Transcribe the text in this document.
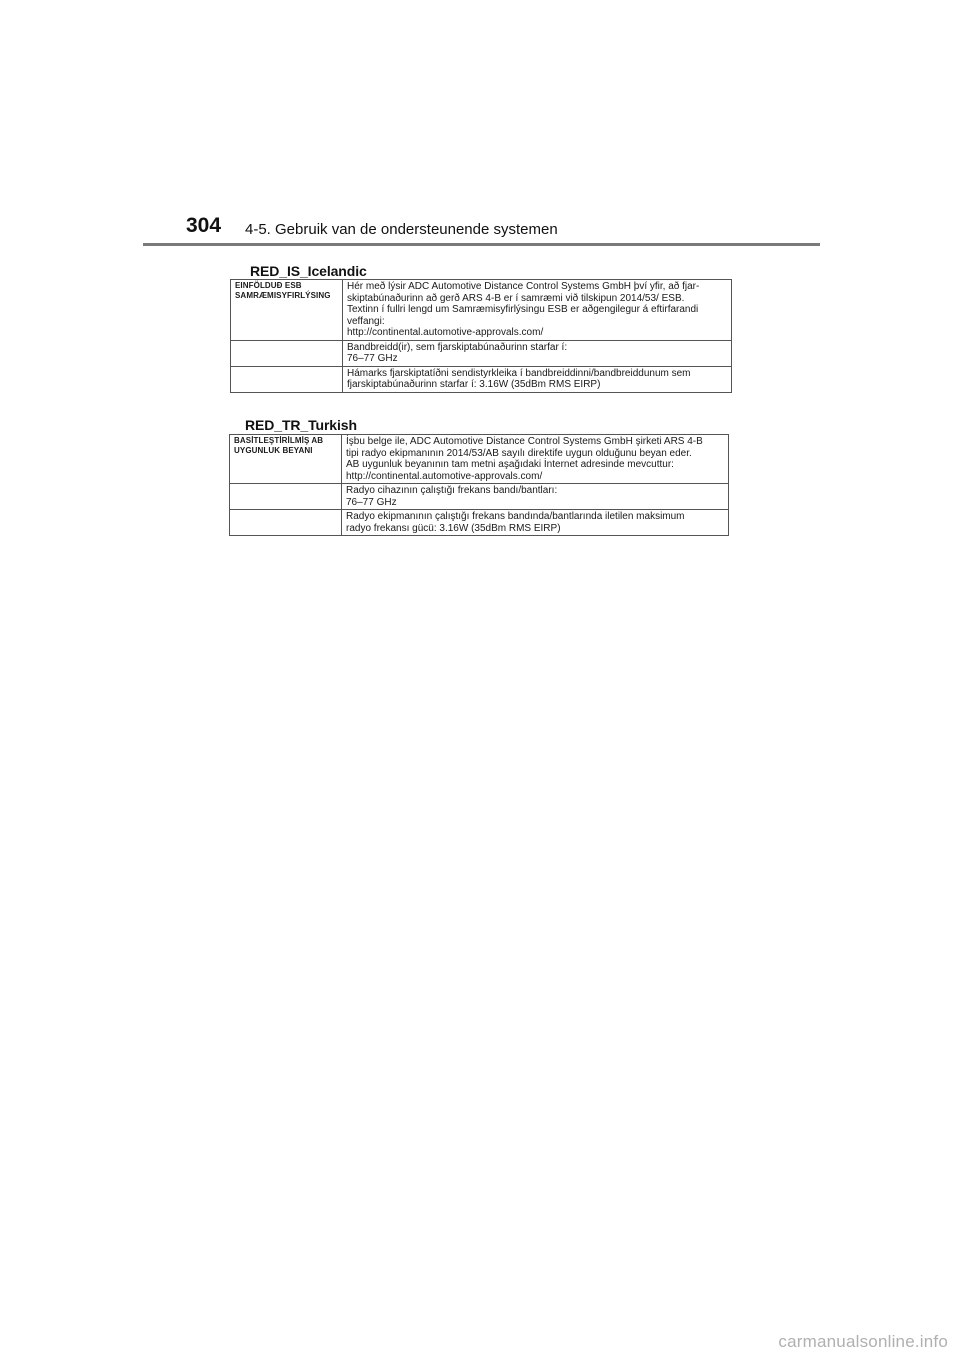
304 4-5. Gebruik van de ondersteunende systemen
RED_IS_Icelandic
EINFÖLDUÐ ESB
SAMRÆMISYFIRLÝSING	Hér með lýsir ADC Automotive Distance Control Systems GmbH því yfir, að fjar-
skiptabúnaðurinn að gerð ARS 4-B er í samræmi við tilskipun 2014/53/ ESB.
Textinn í fullri lengd um Samræmisyfirlýsingu ESB er aðgengilegur á eftirfarandi
veffangi:
http://continental.automotive-approvals.com/

	Bandbreidd(ir), sem fjarskiptabúnaðurinn starfar í:
76–77 GHz

	Hámarks fjarskiptatíðni sendistyrkleika í bandbreiddinni/bandbreiddunum sem
fjarskiptabúnaðurinn starfar í: 3.16W (35dBm RMS EIRP)
RED_TR_Turkish
BASİTLEŞTİRİLMİŞ AB
UYGUNLUK BEYANI	İşbu belge ile, ADC Automotive Distance Control Systems GmbH şirketi ARS 4-B
tipi radyo ekipmanının 2014/53/AB sayılı direktife uygun olduğunu beyan eder.
AB uygunluk beyanının tam metni aşağıdaki İnternet adresinde mevcuttur:
http://continental.automotive-approvals.com/

	Radyo cihazının çalıştığı frekans bandı/bantları:
76–77 GHz

	Radyo ekipmanının çalıştığı frekans bandında/bantlarında iletilen maksimum
radyo frekansı gücü: 3.16W (35dBm RMS EIRP)
carmanualsonline.info
